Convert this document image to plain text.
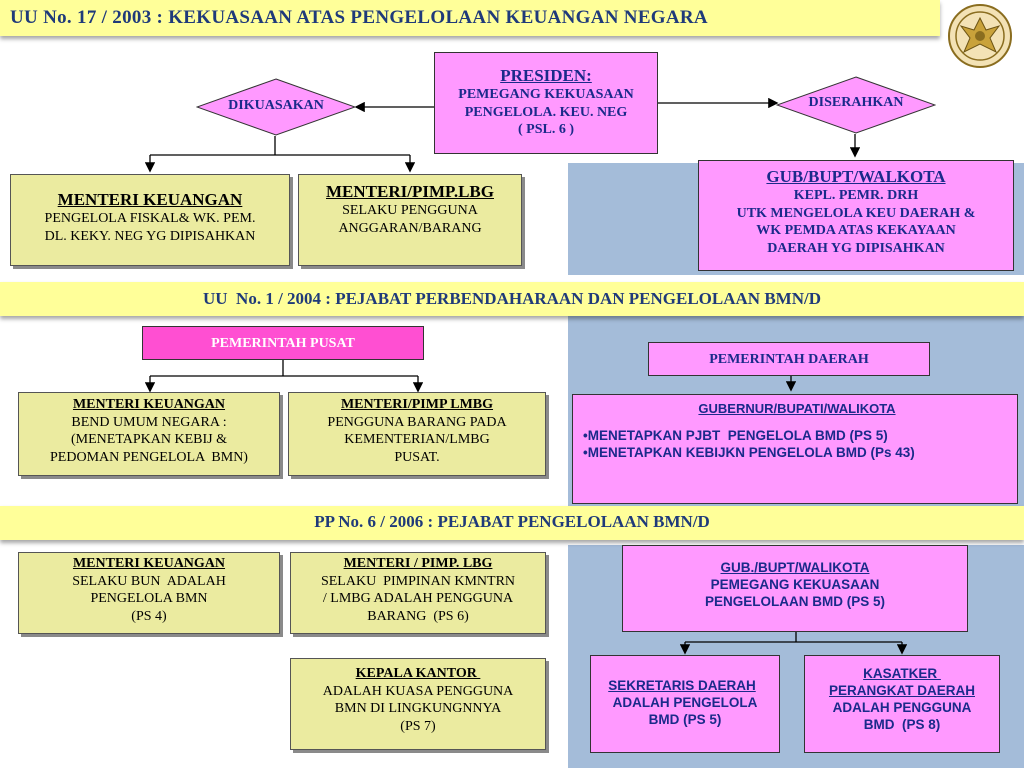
UU No. 17 / 2003 : KEKUASAAN ATAS PENGELOLAAN KEUANGAN NEGARA
PRESIDEN:
PEMEGANG KEKUASAAN
PENGELOLA. KEU. NEG
( PSL. 6 )
DIKUASAKAN	DISERAHKAN
MENTERI KEUANGAN
PENGELOLA FISKAL& WK. PEM.
DL. KEKY. NEG YG DIPISAHKAN
MENTERI/PIMP.LBG
SELAKU PENGGUNA
ANGGARAN/BARANG
GUB/BUPT/WALKOTA
KEPL. PEMR. DRH
UTK MENGELOLA KEU DAERAH &
WK PEMDA ATAS KEKAYAAN
DAERAH YG DIPISAHKAN
UU  No. 1 / 2004 : PEJABAT PERBENDAHARAAN DAN PENGELOLAAN BMN/D
PEMERINTAH PUSAT
PEMERINTAH DAERAH
MENTERI KEUANGAN
BEND UMUM NEGARA :
(MENETAPKAN KEBIJ &
PEDOMAN PENGELOLA  BMN)
MENTERI/PIMP LMBG
PENGGUNA BARANG PADA
KEMENTERIAN/LMBG
PUSAT.
GUBERNUR/BUPATI/WALIKOTA
•MENETAPKAN PJBT  PENGELOLA BMD (PS 5)
•MENETAPKAN KEBIJKN PENGELOLA BMD (Ps 43)
PP No. 6 / 2006 : PEJABAT PENGELOLAAN BMN/D
MENTERI KEUANGAN
SELAKU BUN  ADALAH
PENGELOLA BMN
(PS 4)
MENTERI / PIMP. LBG
SELAKU  PIMPINAN KMNTRN
/ LMBG ADALAH PENGGUNA
BARANG  (PS 6)
KEPALA KANTOR
ADALAH KUASA PENGGUNA
BMN DI LINGKUNGNNYA
(PS 7)
GUB./BUPT/WALIKOTA
PEMEGANG KEKUASAAN
PENGELOLAAN BMD (PS 5)
SEKRETARIS DAERAH
ADALAH PENGELOLA
BMD (PS 5)
KASATKER
PERANGKAT DAERAH
ADALAH PENGGUNA
BMD  (PS 8)
